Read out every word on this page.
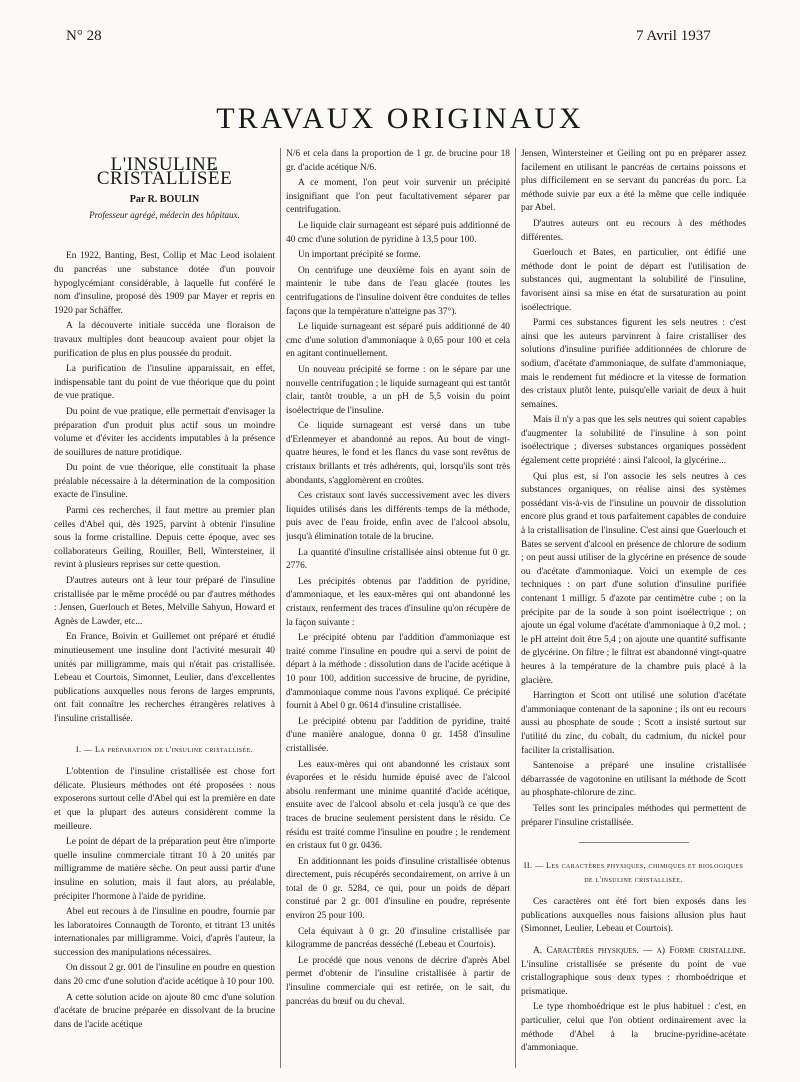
N° 28	7 Avril 1937
TRAVAUX ORIGINAUX
L'INSULINE CRISTALLISÉE
Par R. BOULIN
Professeur agrégé, médecin des hôpitaux.

En 1922, Banting, Best, Collip et Mac Leod isolaient du pancréas une substance dotée d'un pouvoir hypoglycémiant considérable, à laquelle fut conféré le nom d'insuline, proposé dès 1909 par Mayer et repris en 1920 par Schäffer.

A la découverte initiale succéda une floraison de travaux multiples dont beaucoup avaient pour objet la purification de plus en plus poussée du produit.

La purification de l'insuline apparaissait, en effet, indispensable tant du point de vue théorique que du point de vue pratique.

Du point de vue pratique, elle permettait d'envisager la préparation d'un produit plus actif sous un moindre volume et d'éviter les accidents imputables à la présence de souillures de nature protidique.

Du point de vue théorique, elle constituait la phase préalable nécessaire à la détermination de la composition exacte de l'insuline.

Parmi ces recherches, il faut mettre au premier plan celles d'Abel qui, dès 1925, parvint à obtenir l'insuline sous la forme cristalline. Depuis cette époque, avec ses collaborateurs Geiling, Rouiller, Bell, Wintersteiner, il revint à plusieurs reprises sur cette question.

D'autres auteurs ont à leur tour préparé de l'insuline cristallisée par le même procédé ou par d'autres méthodes : Jensen, Guerlouch et Betes, Melville Sahyun, Howard et Agnès de Lawder, etc...

En France, Boivin et Guillemet ont préparé et étudié minutieusement une insuline dont l'activité mesurait 40 unités par milligramme, mais qui n'était pas cristallisée. Lebeau et Courtois, Simonnet, Leulier, dans d'excellentes publications auxquelles nous ferons de larges emprunts, ont fait connaître les recherches étrangères relatives à l'insuline cristallisée.

I. — La préparation de l'insuline cristallisée.

L'obtention de l'insuline cristallisée est chose fort délicate. Plusieurs méthodes ont été proposées : nous exposerons surtout celle d'Abel qui est la première en date et que la plupart des auteurs considèrent comme la meilleure.

Le point de départ de la préparation peut être n'importe quelle insuline commerciale titrant 10 à 20 unités par milligramme de matière sèche. On peut aussi partir d'une insuline en solution, mais il faut alors, au préalable, précipiter l'hormone à l'aide de pyridine.

Abel eut recours à de l'insuline en poudre, fournie par les laboratoires Connaugth de Toronto, et titrant 13 unités internationales par milligramme. Voici, d'après l'auteur, la succession des manipulations nécessaires.

On dissout 2 gr. 001 de l'insuline en poudre en question dans 20 cmc d'une solution d'acide acétique à 10 pour 100.

A cette solution acide on ajoute 80 cmc d'une solution d'acétate de brucine préparée en dissolvant de la brucine dans de l'acide acétique

N/6 et cela dans la proportion de 1 gr. de brucine pour 18 gr. d'acide acétique N/6.

A ce moment, l'on peut voir survenir un précipité insignifiant que l'on peut facultativement séparer par centrifugation.

Le liquide clair surnageant est séparé puis additionné de 40 cmc d'une solution de pyridine à 13,5 pour 100.

Un important précipité se forme.

On centrifuge une deuxième fois en ayant soin de maintenir le tube dans de l'eau glacée (toutes les centrifugations de l'insuline doivent être conduites de telles façons que la température n'atteigne pas 37°).

Le liquide surnageant est séparé puis additionné de 40 cmc d'une solution d'ammoniaque à 0,65 pour 100 et cela en agitant continuellement.

Un nouveau précipité se forme : on le sépare par une nouvelle centrifugation ; le liquide surnageant qui est tantôt clair, tantôt trouble, a un pH de 5,5 voisin du point isoélectrique de l'insuline.

Ce liquide surnageant est versé dans un tube d'Erlenmeyer et abandonné au repos. Au bout de vingt-quatre heures, le fond et les flancs du vase sont revêtus de cristaux brillants et très adhérents, qui, lorsqu'ils sont très abondants, s'agglomèrent en croûtes.

Ces cristaux sont lavés successivement avec les divers liquides utilisés dans les différents temps de la méthode, puis avec de l'eau froide, enfin avec de l'alcool absolu, jusqu'à élimination totale de la brucine.

La quantité d'insuline cristallisée ainsi obtenue fut 0 gr. 2776.

Les précipités obtenus par l'addition de pyridine, d'ammoniaque, et les eaux-mères qui ont abandonné les cristaux, renferment des traces d'insuline qu'on récupère de la façon suivante :

Le précipité obtenu par l'addition d'ammoniaque est traité comme l'insuline en poudre qui a servi de point de départ à la méthode : dissolution dans de l'acide acétique à 10 pour 100, addition successive de brucine, de pyridine, d'ammoniaque comme nous l'avons expliqué. Ce précipité fournit à Abel 0 gr. 0614 d'insuline cristallisée.

Le précipité obtenu par l'addition de pyridine, traité d'une manière analogue, donna 0 gr. 1458 d'insuline cristallisée.

Les eaux-mères qui ont abandonné les cristaux sont évaporées et le résidu humide épuisé avec de l'alcool absolu renfermant une minime quantité d'acide acétique, ensuite avec de l'alcool absolu et cela jusqu'à ce que des traces de brucine seulement persistent dans le résidu. Ce résidu est traité comme l'insuline en poudre ; le rendement en cristaux fut 0 gr. 0436.

En additionnant les poids d'insuline cristallisée obtenus directement, puis récupérés secondairement, on arrive à un total de 0 gr. 5284, ce qui, pour un poids de départ constitué par 2 gr. 001 d'insuline en poudre, représente environ 25 pour 100.

Cela équivaut à 0 gr. 20 d'insuline cristallisée par kilogramme de pancréas desséché (Lebeau et Courtois).

Le procédé que nous venons de décrire d'après Abel permet d'obtenir de l'insuline cristallisée à partir de l'insuline commerciale qui est retirée, on le sait, du pancréas du bœuf ou du cheval.

Jensen, Wintersteiner et Geiling ont pu en préparer assez facilement en utilisant le pancréas de certains poissons et plus difficilement en se servant du pancréas du porc. La méthode suivie par eux a été la même que celle indiquée par Abel.

D'autres auteurs ont eu recours à des méthodes différentes.

Guerlouch et Bates, en particulier, ont édifié une méthode dont le point de départ est l'utilisation de substances qui, augmentant la solubilité de l'insuline, favorisent ainsi sa mise en état de sursaturation au point isoélectrique.

Parmi ces substances figurent les sels neutres : c'est ainsi que les auteurs parvinrent à faire cristalliser des solutions d'insuline purifiée additionnées de chlorure de sodium, d'acétate d'ammoniaque, de sulfate d'ammoniaque, mais le rendement fut médiocre et la vitesse de formation des cristaux plutôt lente, puisqu'elle variait de deux à huit semaines.

Mais il n'y a pas que les sels neutres qui soient capables d'augmenter la solubilité de l'insuline à son point isoélectrique ; diverses substances organiques possèdent également cette propriété : ainsi l'alcool, la glycérine...

Qui plus est, si l'on associe les sels neutres à ces substances organiques, on réalise ainsi des systèmes possédant vis-à-vis de l'insuline un pouvoir de dissolution encore plus grand et tous parfaitement capables de conduire à la cristallisation de l'insuline. C'est ainsi que Guerlouch et Bates se servent d'alcool en présence de chlorure de sodium ; on peut aussi utiliser de la glycérine en présence de soude ou d'acétate d'ammoniaque. Voici un exemple de ces techniques : on part d'une solution d'insuline purifiée contenant 1 milligr. 5 d'azote par centimètre cube ; on la précipite par de la soude à son point isoélectrique ; on ajoute un égal volume d'acétate d'ammoniaque à 0,2 mol. ; le pH atteint doit être 5,4 ; on ajoute une quantité suffisante de glycérine. On filtre ; le filtrat est abandonné vingt-quatre heures à la température de la chambre puis placé à la glacière.

Harrington et Scott ont utilisé une solution d'acétate d'ammoniaque contenant de la saponine ; ils ont eu recours aussi au phosphate de soude ; Scott a insisté surtout sur l'utilité du zinc, du cobalt, du cadmium, du nickel pour faciliter la cristallisation.

Santenoise a préparé une insuline cristallisée débarrassée de vagotonine en utilisant la méthode de Scott au phosphate-chlorure de zinc.

Telles sont les principales méthodes qui permettent de préparer l'insuline cristallisée.

II. — Les caractères physiques, chimiques et biologiques de l'insuline cristallisée.

Ces caractères ont été fort bien exposés dans les publications auxquelles nous faisions allusion plus haut (Simonnet, Leulier, Lebeau et Courtois).

A. Caractères physiques. — a) Forme cristalline. L'insuline cristallisée se présente du point de vue cristallographique sous deux types : rhomboédrique et prismatique.

Le type rhomboédrique est le plus habituel : c'est, en particulier, celui que l'on obtient ordinairement avec la méthode d'Abel à la brucine-pyridine-acétate d'ammoniaque.
